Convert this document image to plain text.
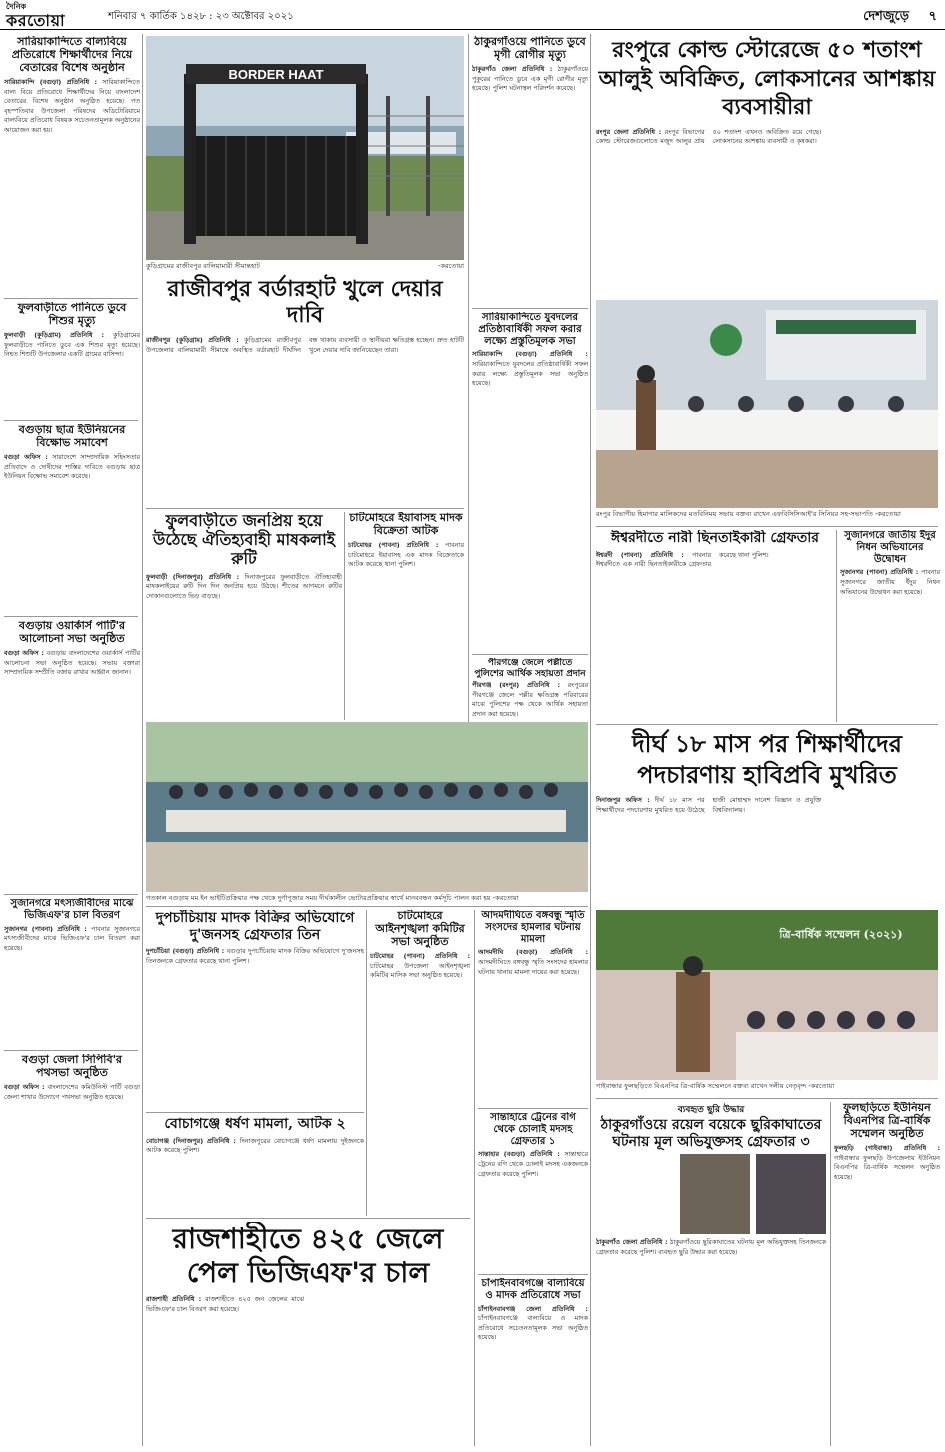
দৈনিক
করতোয়া	শনিবার ৭ কার্তিক ১৪২৮ : ২৩ অক্টোবর ২০২১	দেশজুড়ে ৭
সারিয়াকান্দিতে বাল্যবিয়ে প্রতিরোধে শিক্ষার্থীদের নিয়ে বেতারের বিশেষ অনুষ্ঠান
সারিয়াকান্দি (বগুড়া) প্রতিনিধি : সারিয়াকান্দিতে বাল্য বিয়ে প্রতিরোধে শিক্ষার্থীদের নিয়ে বাংলাদেশ বেতারের বিশেষ অনুষ্ঠান অনুষ্ঠিত হয়েছে। গত বৃহস্পতিবার উপজেলা পরিষদের অডিটোরিয়ামে বাল্যবিয়ে প্রতিরোধ বিষয়ক সচেতনতামূলক অনুষ্ঠানের আয়োজন করা হয়।
ফুলবাড়ীতে পানিতে ডুবে শিশুর মৃত্যু
ফুলবাড়ী (কুড়িগ্রাম) প্রতিনিধি : কুড়িগ্রামের ফুলবাড়ীতে পানিতে ডুবে এক শিশুর মৃত্যু হয়েছে। নিহত শিশুটি উপজেলার একটি গ্রামের বাসিন্দা।
বগুড়ায় ছাত্র ইউনিয়নের বিক্ষোভ সমাবেশ
বগুড়া অফিস : সারাদেশে সাম্প্রদায়িক সহিংসতার প্রতিবাদে ও দোষীদের শাস্তির দাবিতে বগুড়ায় ছাত্র ইউনিয়ন বিক্ষোভ সমাবেশ করেছে।
বগুড়ায় ওয়ার্কার্স পার্টি'র আলোচনা সভা অনুষ্ঠিত
বগুড়া অফিস : বগুড়ায় বাংলাদেশের ওয়ার্কার্স পার্টির আলোচনা সভা অনুষ্ঠিত হয়েছে। সভায় বক্তারা সাম্প্রদায়িক সম্প্রীতি বজায় রাখার আহ্বান জানান।
সুজানগরে মৎস্যজীবীদের মাঝে ভিজিএফ'র চাল বিতরণ
সুজানগর (পাবনা) প্রতিনিধি : পাবনার সুজানগরে মৎস্যজীবীদের মাঝে ভিজিএফ'র চাল বিতরণ করা হয়েছে।
বগুড়া জেলা সিপিবি'র পথসভা অনুষ্ঠিত
বগুড়া অফিস : বাংলাদেশের কমিউনিস্ট পার্টি বগুড়া জেলা শাখার উদ্যোগে পথসভা অনুষ্ঠিত হয়েছে।
BORDER HAAT
কুড়িগ্রামের রাজীবপুর বালিয়ামারী সীমান্তহাট	-করতোয়া
রাজীবপুর বর্ডারহাট খুলে দেয়ার দাবি
রাজীবপুর (কুড়িগ্রাম) প্রতিনিধি : কুড়িগ্রামের রাজীবপুর উপজেলার বালিয়ামারী সীমান্তে অবস্থিত বর্ডারহাট দীর্ঘদিন বন্ধ থাকায় ব্যবসায়ী ও স্থানীয়রা ক্ষতিগ্রস্ত হচ্ছেন। দ্রুত হাটটি খুলে দেয়ার দাবি জানিয়েছেন তারা।
ফুলবাড়ীতে জনপ্রিয় হয়ে উঠেছে ঐতিহ্যবাহী মাষকলাই রুটি
ফুলবাড়ী (দিনাজপুর) প্রতিনিধি : দিনাজপুরের ফুলবাড়ীতে ঐতিহ্যবাহী মাষকলাইয়ের রুটি দিন দিন জনপ্রিয় হয়ে উঠছে। শীতের আগমনে রুটির দোকানগুলোতে ভিড় বাড়ছে।
চাটমোহরে ইয়াবাসহ মাদক বিক্রেতা আটক
চাটমোহর (পাবনা) প্রতিনিধি : পাবনার চাটমোহরে ইয়াবাসহ এক মাদক বিক্রেতাকে আটক করেছে থানা পুলিশ।
গতকাল বগুড়ায় মম ইন ভাইটিপ্রক্রিয়ার পক্ষ থেকে দুর্গাপুজার সময় দীর্ঘকালীন ভোটারপ্রক্রিয়ার স্বার্থে মানববন্ধন কর্মসূচি পালন করা হয় -করতোয়া
দুপচাঁচিয়ায় মাদক বিক্রির অভিযোগে দু'জনসহ গ্রেফতার তিন
দুপচাঁচিয়া (বগুড়া) প্রতিনিধি : বগুড়ার দুপচাঁচিয়ায় মাদক বিক্রির অভিযোগে দু'জনসহ তিনজনকে গ্রেফতার করেছে থানা পুলিশ।
বোচাগঞ্জে ধর্ষণ মামলা, আটক ২
বোচাগঞ্জ (দিনাজপুর) প্রতিনিধি : দিনাজপুরের বোচাগঞ্জে ধর্ষণ মামলায় দুইজনকে আটক করেছে পুলিশ।
চাটমোহরে আইনশৃঙ্খলা কমিটির সভা অনুষ্ঠিত
চাটমোহর (পাবনা) প্রতিনিধি : চাটমোহর উপজেলা আইনশৃঙ্খলা কমিটির মাসিক সভা অনুষ্ঠিত হয়েছে।
রাজশাহীতে ৪২৫ জেলে পেল ভিজিএফ'র চাল
রাজশাহী প্রতিনিধি : রাজশাহীতে ৪২৫ জন জেলের মাঝে ভিজিএফ'র চাল বিতরণ করা হয়েছে।
ঠাকুরগাঁওয়ে পানিতে ডুবে মৃগী রোগীর মৃত্যু
ঠাকুরগাঁও জেলা প্রতিনিধি : ঠাকুরগাঁওয়ে পুকুরের পানিতে ডুবে এক মৃগী রোগীর মৃত্যু হয়েছে। পুলিশ ঘটনাস্থল পরিদর্শন করেছে।
সারিয়াকান্দিতে যুবদলের প্রতিষ্ঠাবার্ষিকী সফল করার লক্ষ্যে প্রস্তুতিমূলক সভা
সারিয়াকান্দি (বগুড়া) প্রতিনিধি : সারিয়াকান্দিতে যুবদলের প্রতিষ্ঠাবার্ষিকী সফল করার লক্ষ্যে প্রস্তুতিমূলক সভা অনুষ্ঠিত হয়েছে।
পীরগঞ্জে জেলে পল্লীতে পুলিশের আর্থিক সহায়তা প্রদান
পীরগঞ্জ (রংপুর) প্রতিনিধি : রংপুরের পীরগঞ্জে জেলে পল্লীর ক্ষতিগ্রস্ত পরিবারের মাঝে পুলিশের পক্ষ থেকে আর্থিক সহায়তা প্রদান করা হয়েছে।
আদমদীঘিতে বঙ্গবন্ধু স্মৃতি সংসদের হামলার ঘটনায় মামলা
আদমদীঘি (বগুড়া) প্রতিনিধি : আদমদীঘিতে বঙ্গবন্ধু স্মৃতি সংসদের হামলার ঘটনায় থানায় মামলা দায়ের করা হয়েছে।
সান্তাহারে ট্রেনের বগি থেকে চোলাই মদসহ গ্রেফতার ১
সান্তাহার (বগুড়া) প্রতিনিধি : সান্তাহারে ট্রেনের বগি থেকে চোলাই মদসহ একজনকে গ্রেফতার করেছে পুলিশ।
চাঁপাইনবাবগঞ্জে বাল্যবিয়ে ও মাদক প্রতিরোধে সভা
চাঁপাইনবাবগঞ্জ জেলা প্রতিনিধি : চাঁপাইনবাবগঞ্জে বাল্যবিয়ে ও মাদক প্রতিরোধে সচেতনতামূলক সভা অনুষ্ঠিত হয়েছে।
রংপুরে কোল্ড স্টোরেজে ৫০ শতাংশ আলুই অবিক্রিত, লোকসানের আশঙ্কায় ব্যবসায়ীরা
রংপুর জেলা প্রতিনিধি : রংপুর বিভাগের কোল্ড স্টোরেজগুলোতে মজুদ আলুর প্রায় ৫০ শতাংশ এখনও অবিক্রিত রয়ে গেছে। লোকসানের আশঙ্কায় ব্যবসায়ী ও কৃষকরা।
রংপুর বিভাগীয় হিমাগার মালিকদের মতবিনিময় সভায় বক্তব্য রাখেন এফবিসিসিআই'র সিনিয়র সহ-সভাপতি -করতোয়া
ঈশ্বরদীতে নারী ছিনতাইকারী গ্রেফতার
ঈশ্বরদী (পাবনা) প্রতিনিধি : পাবনার ঈশ্বরদীতে এক নারী ছিনতাইকারীকে গ্রেফতার করেছে থানা পুলিশ।
সুজানগরে জাতীয় ইঁদুর নিধন অভিযানের উদ্বোধন
সুজানগর (পাবনা) প্রতিনিধি : পাবনার সুজানগরে জাতীয় ইঁদুর নিধন অভিযানের উদ্বোধন করা হয়েছে।
দীর্ঘ ১৮ মাস পর শিক্ষার্থীদের পদচারণায় হাবিপ্রবি মুখরিত
দিনাজপুর অফিস : দীর্ঘ ১৮ মাস পর শিক্ষার্থীদের পদচারণায় মুখরিত হয়ে উঠেছে হাজী মোহাম্মদ দানেশ বিজ্ঞান ও প্রযুক্তি বিশ্ববিদ্যালয়।
ত্রি-বার্ষিক সম্মেলন (২০২১)
গাইবান্ধার ফুলছড়িতে বিএনপির ত্রি-বার্ষিক সম্মেলনে বক্তব্য রাখেন দলীয় নেতৃবৃন্দ -করতোয়া
ব্যবহৃত ছুরি উদ্ধার
ঠাকুরগাঁওয়ে রয়েল বয়েকে ছুরিকাঘাতের ঘটনায় মূল অভিযুক্তসহ গ্রেফতার ৩
ঠাকুরগাঁও জেলা প্রতিনিধি : ঠাকুরগাঁওয়ে ছুরিকাঘাতের ঘটনায় মূল অভিযুক্তসহ তিনজনকে গ্রেফতার করেছে পুলিশ। ব্যবহৃত ছুরি উদ্ধার করা হয়েছে।
ফুলছড়িতে ইউনিয়ন বিএনপির ত্রি-বার্ষিক সম্মেলন অনুষ্ঠিত
ফুলছড়ি (গাইবান্ধা) প্রতিনিধি : গাইবান্ধার ফুলছড়ি উপজেলায় ইউনিয়ন বিএনপির ত্রি-বার্ষিক সম্মেলন অনুষ্ঠিত হয়েছে।
